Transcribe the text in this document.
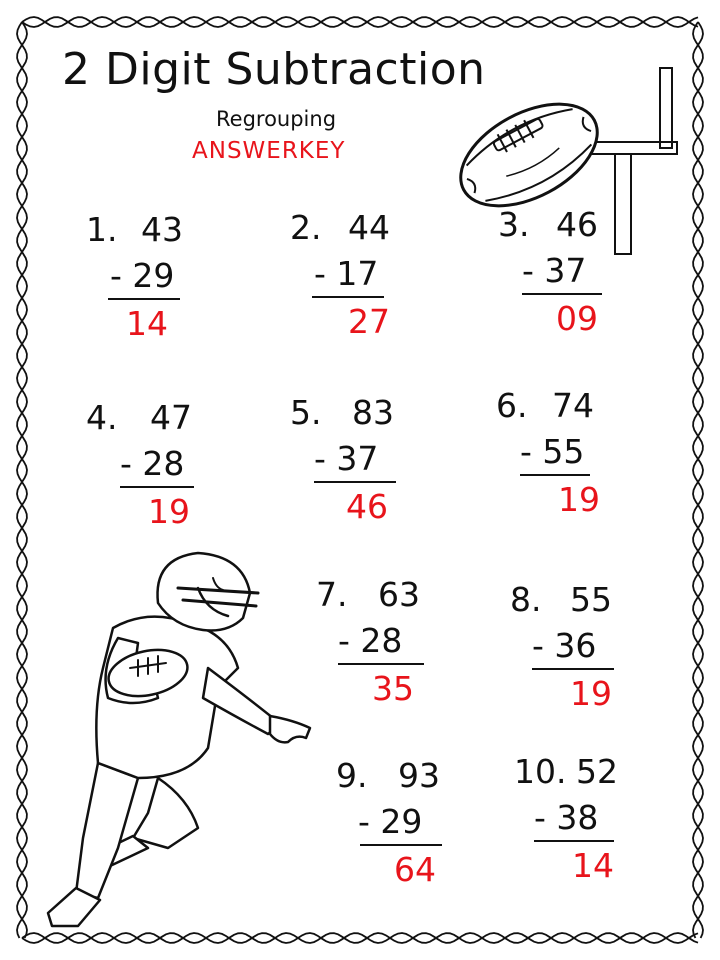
2 Digit Subtraction
Regrouping
ANSWERKEY
1. 43
- 29
14
2. 44
- 17
27
3. 46
- 37
09
4. 47
- 28
19
5. 83
- 37
46
6. 74
- 55
19
7. 63
- 28
35
8. 55
- 36
19
9. 93
- 29
64
10. 52
- 38
14
